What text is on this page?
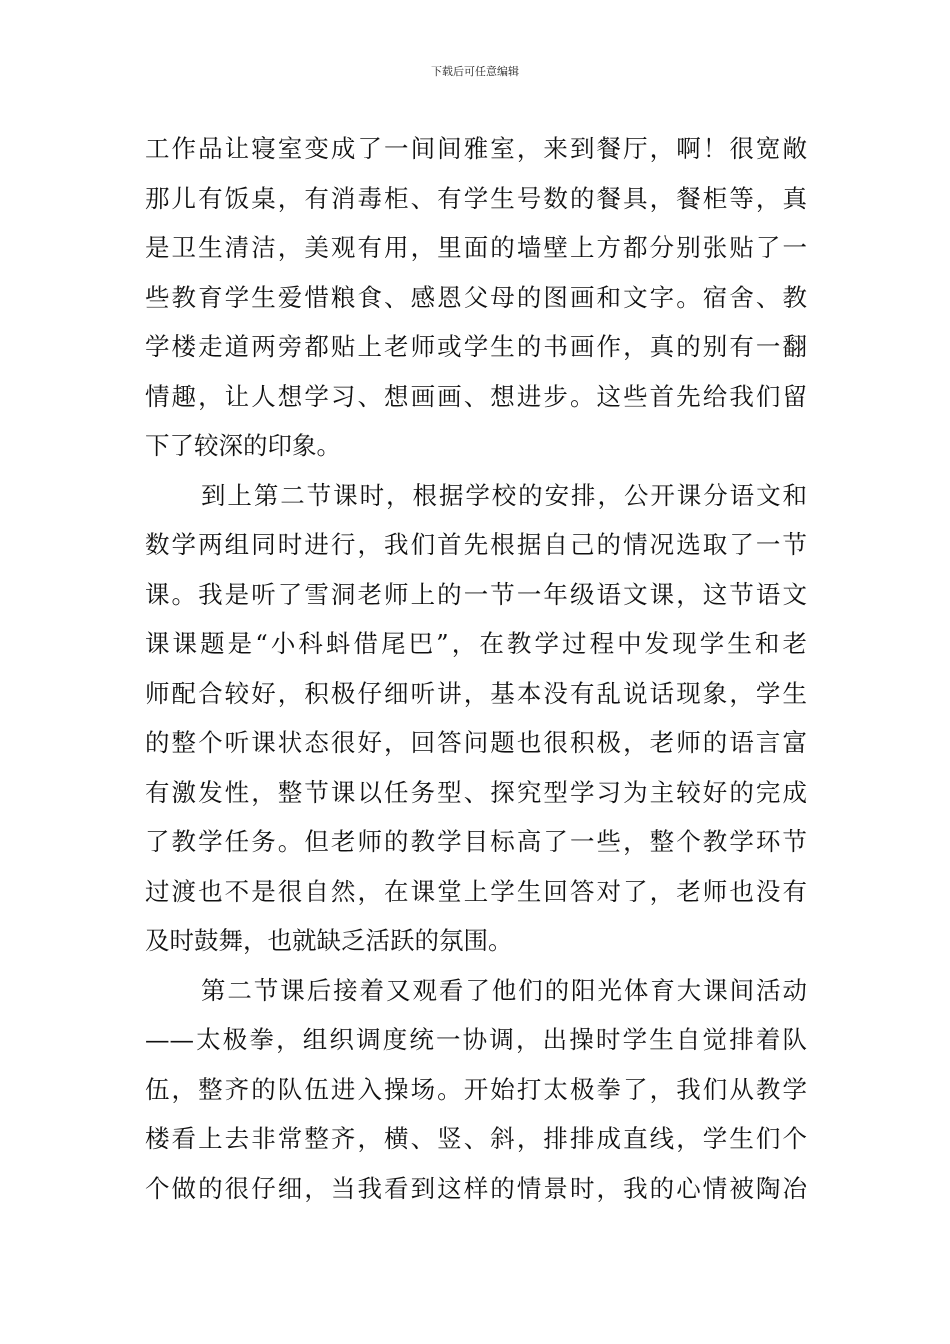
下载后可任意编辑
工作品让寝室变成了一间间雅室，来到餐厅，啊！很宽敞
那儿有饭桌，有消毒柜、有学生号数的餐具，餐柜等，真
是卫生清洁，美观有用，里面的墙壁上方都分别张贴了一
些教育学生爱惜粮食、感恩父母的图画和文字。宿舍、教
学楼走道两旁都贴上老师或学生的书画作，真的别有一翻
情趣，让人想学习、想画画、想进步。这些首先给我们留
下了较深的印象。
到上第二节课时，根据学校的安排，公开课分语文和
数学两组同时进行，我们首先根据自己的情况选取了一节
课。我是听了雪洞老师上的一节一年级语文课，这节语文
课课题是“小科蚪借尾巴”，在教学过程中发现学生和老
师配合较好，积极仔细听讲，基本没有乱说话现象，学生
的整个听课状态很好，回答问题也很积极，老师的语言富
有激发性，整节课以任务型、探究型学习为主较好的完成
了教学任务。但老师的教学目标高了一些，整个教学环节
过渡也不是很自然，在课堂上学生回答对了，老师也没有
及时鼓舞，也就缺乏活跃的氛围。
第二节课后接着又观看了他们的阳光体育大课间活动
——太极拳，组织调度统一协调，出操时学生自觉排着队
伍，整齐的队伍进入操场。开始打太极拳了，我们从教学
楼看上去非常整齐，横、竖、斜，排排成直线，学生们个
个做的很仔细，当我看到这样的情景时，我的心情被陶冶
